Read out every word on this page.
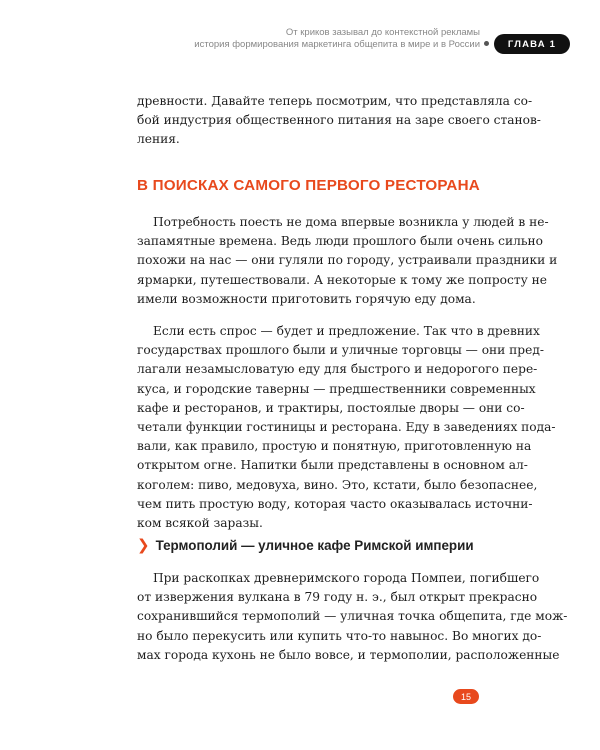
От криков зазывал до контекстной рекламы
история формирования маркетинга общепита в мире и в России	ГЛАВА 1
древности. Давайте теперь посмотрим, что представляла со-
бой индустрия общественного питания на заре своего станов-
ления.
В ПОИСКАХ САМОГО ПЕРВОГО РЕСТОРАНА
Потребность поесть не дома впервые возникла у людей в не-
запамятные времена. Ведь люди прошлого были очень сильно
похожи на нас — они гуляли по городу, устраивали праздники и
ярмарки, путешествовали. А некоторые к тому же попросту не
имели возможности приготовить горячую еду дома.
Если есть спрос — будет и предложение. Так что в древних
государствах прошлого были и уличные торговцы — они пред-
лагали незамысловатую еду для быстрого и недорогого пере-
куса, и городские таверны — предшественники современных
кафе и ресторанов, и трактиры, постоялые дворы — они со-
четали функции гостиницы и ресторана. Еду в заведениях пода-
вали, как правило, простую и понятную, приготовленную на
открытом огне. Напитки были представлены в основном ал-
коголем: пиво, медовуха, вино. Это, кстати, было безопаснее,
чем пить простую воду, которая часто оказывалась источни-
ком всякой заразы.
❯ Термополий — уличное кафе Римской империи
При раскопках древнеримского города Помпеи, погибшего
от извержения вулкана в 79 году н. э., был открыт прекрасно
сохранившийся термополий — уличная точка общепита, где мож-
но было перекусить или купить что-то навынос. Во многих до-
мах города кухонь не было вовсе, и термополии, расположенные
15
